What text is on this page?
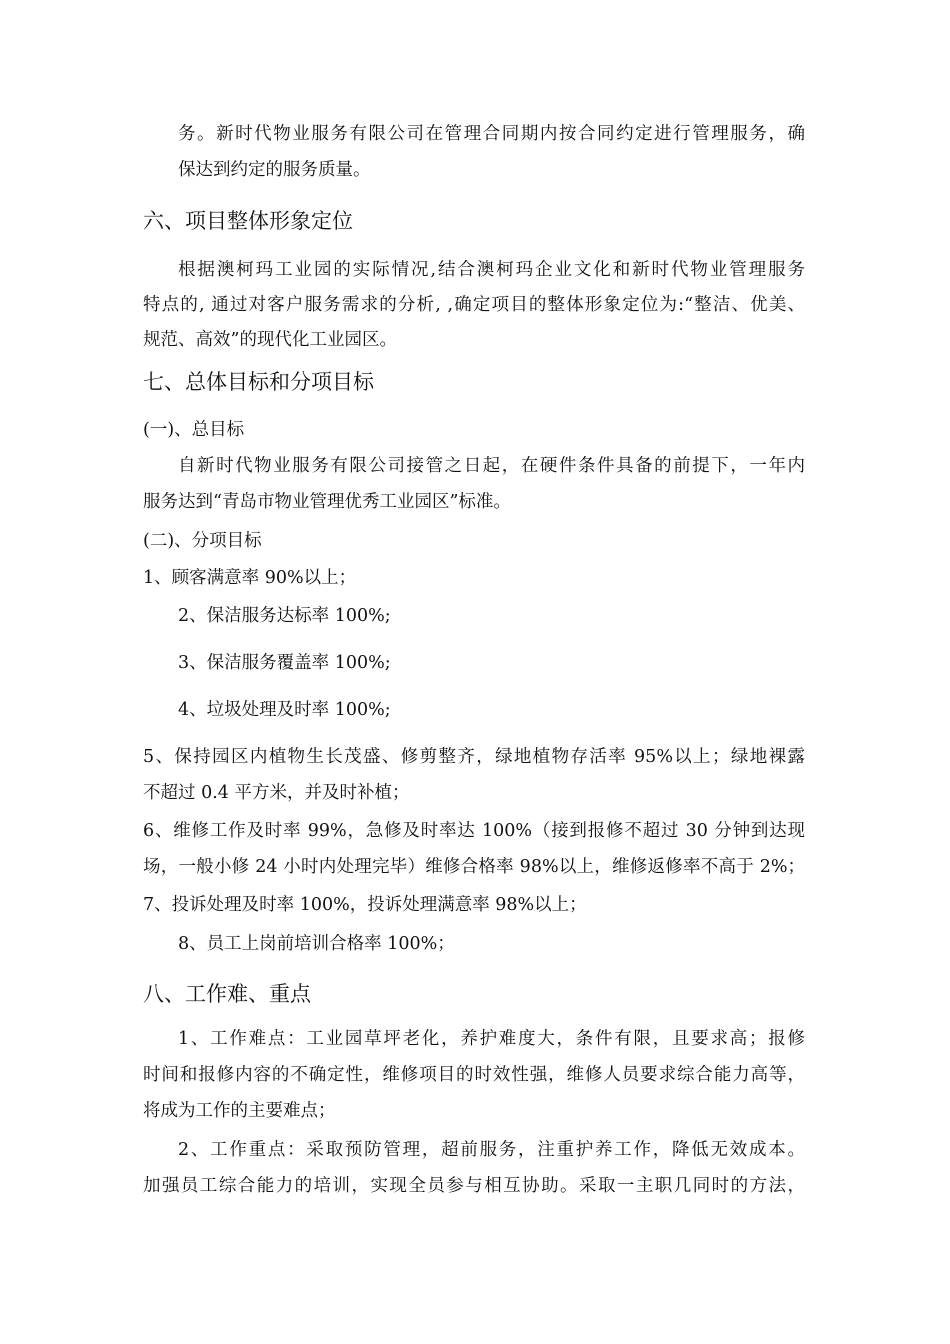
务。新时代物业服务有限公司在管理合同期内按合同约定进行管理服务，确
保达到约定的服务质量。
六、项目整体形象定位
根据澳柯玛工业园的实际情况,结合澳柯玛企业文化和新时代物业管理服务
特点的, 通过对客户服务需求的分析, ,确定项目的整体形象定位为:“整洁、优美、
规范、高效”的现代化工业园区。
七、总体目标和分项目标
(一)、总目标
自新时代物业服务有限公司接管之日起，在硬件条件具备的前提下，一年内
服务达到“青岛市物业管理优秀工业园区”标准。
(二)、分项目标
1、顾客满意率 90%以上；
2、保洁服务达标率 100%;
3、保洁服务覆盖率 100%;
4、垃圾处理及时率 100%;
5、保持园区内植物生长茂盛、修剪整齐，绿地植物存活率 95%以上；绿地裸露
不超过 0.4 平方米，并及时补植；
6、维修工作及时率 99%，急修及时率达 100%（接到报修不超过 30 分钟到达现
场，一般小修 24 小时内处理完毕）维修合格率 98%以上，维修返修率不高于 2%；
7、投诉处理及时率 100%，投诉处理满意率 98%以上；
8、员工上岗前培训合格率 100%；
八、工作难、重点
1、工作难点：工业园草坪老化，养护难度大，条件有限，且要求高；报修
时间和报修内容的不确定性，维修项目的时效性强，维修人员要求综合能力高等，
将成为工作的主要难点；
2、工作重点：采取预防管理，超前服务，注重护养工作，降低无效成本。
加强员工综合能力的培训，实现全员参与相互协助。采取一主职几同时的方法，
